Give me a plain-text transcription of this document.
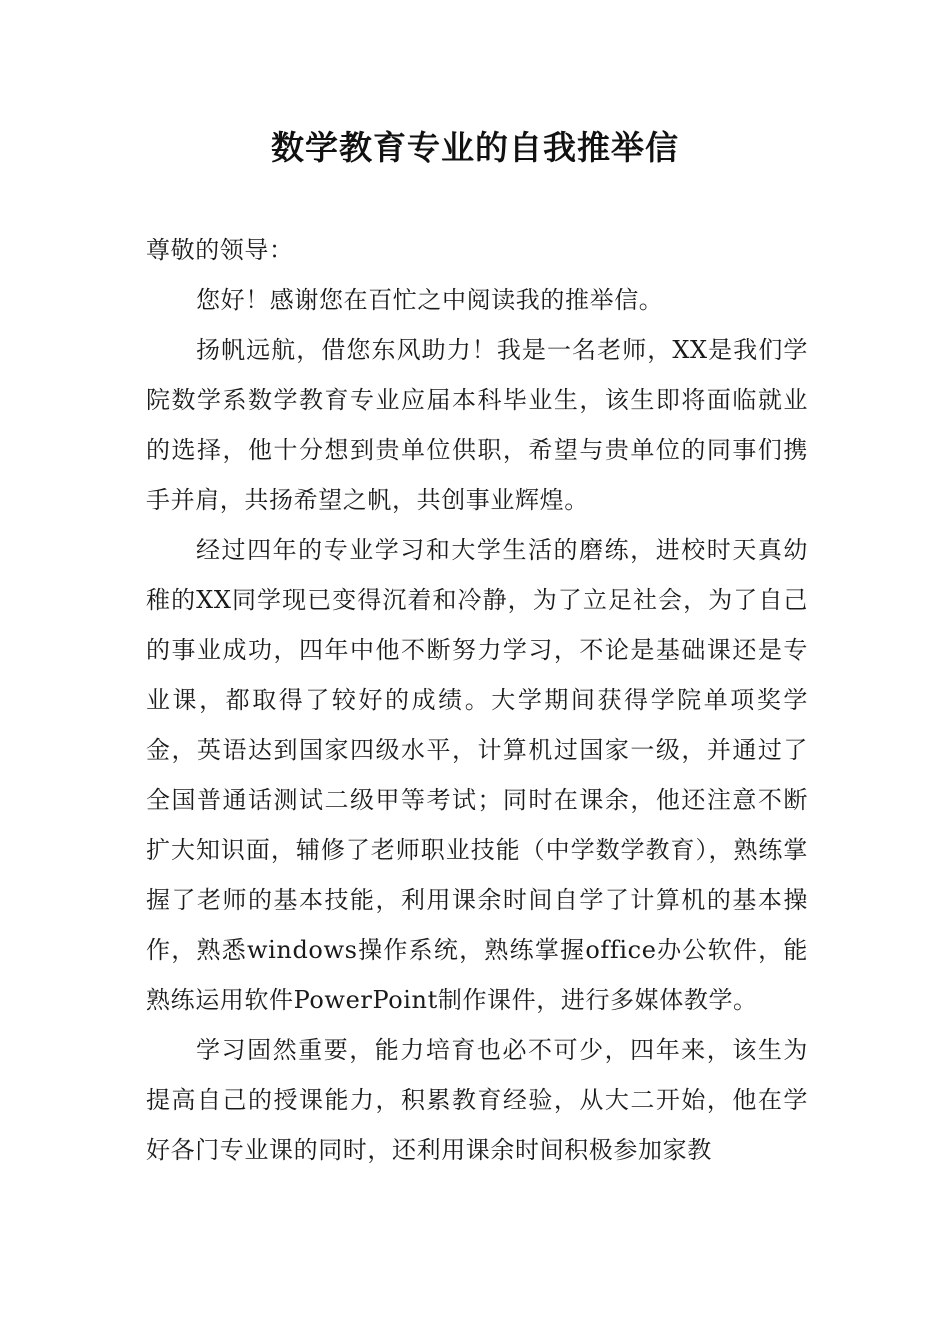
数学教育专业的自我推举信

尊敬的领导：

您好！感谢您在百忙之中阅读我的推举信。

扬帆远航，借您东风助力！我是一名老师，XX是我们学院数学系数学教育专业应届本科毕业生，该生即将面临就业的选择，他十分想到贵单位供职，希望与贵单位的同事们携手并肩，共扬希望之帆，共创事业辉煌。

经过四年的专业学习和大学生活的磨练，进校时天真幼稚的XX同学现已变得沉着和冷静，为了立足社会，为了自己的事业成功，四年中他不断努力学习，不论是基础课还是专业课，都取得了较好的成绩。大学期间获得学院单项奖学金，英语达到国家四级水平，计算机过国家一级，并通过了全国普通话测试二级甲等考试；同时在课余，他还注意不断扩大知识面，辅修了老师职业技能（中学数学教育），熟练掌握了老师的基本技能，利用课余时间自学了计算机的基本操作，熟悉windows操作系统，熟练掌握office办公软件，能熟练运用软件PowerPoint制作课件，进行多媒体教学。

学习固然重要，能力培育也必不可少，四年来，该生为提高自己的授课能力，积累教育经验，从大二开始，他在学好各门专业课的同时，还利用课余时间积极参加家教
